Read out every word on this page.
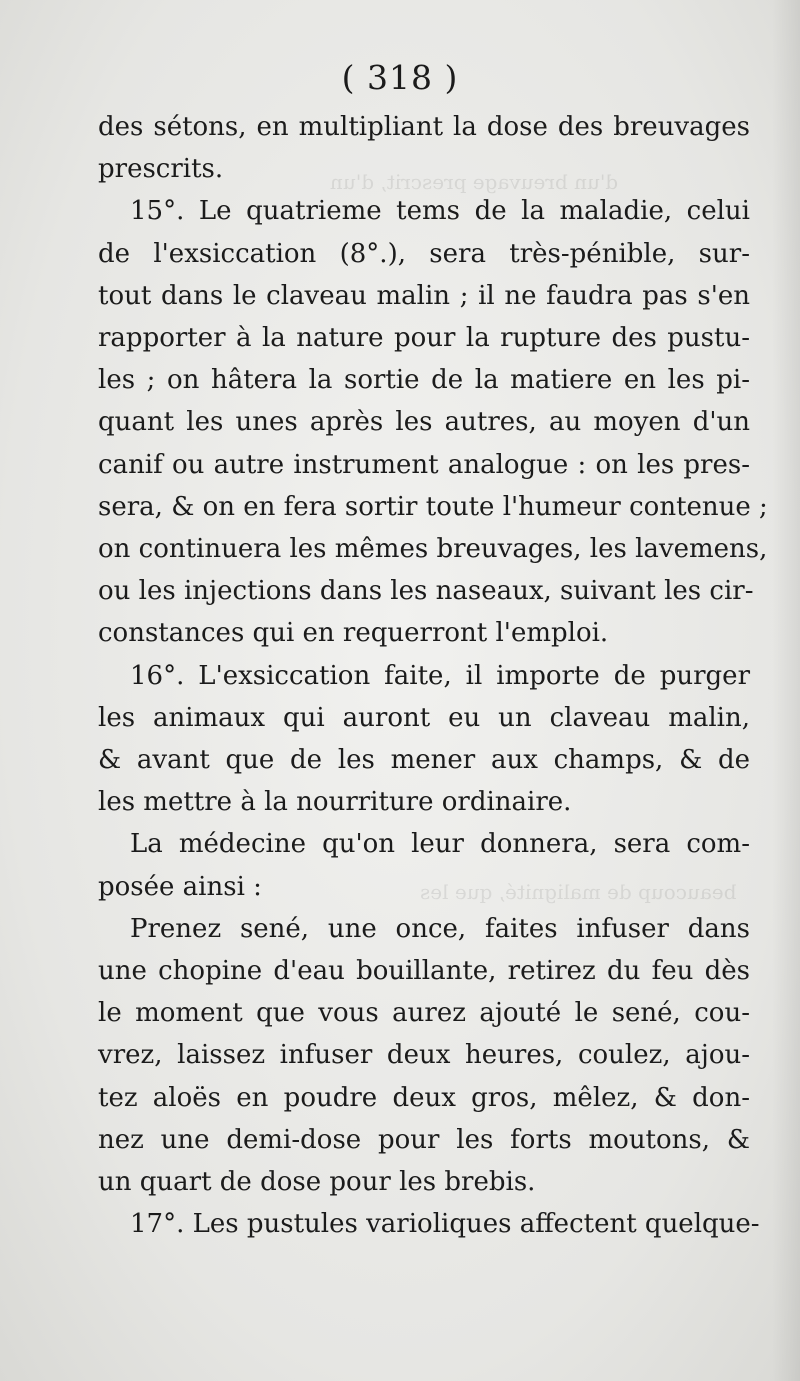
d'un breuvage prescrit, d'un
beaucoup de malignité, que les
( 318 )
des sétons, en multipliant la dose des breuvages
prescrits.
15°. Le quatrieme tems de la maladie, celui
de l'exsiccation (8°.), sera très-pénible, sur-
tout dans le claveau malin ; il ne faudra pas s'en
rapporter à la nature pour la rupture des pustu-
les ; on hâtera la sortie de la matiere en les pi-
quant les unes après les autres, au moyen d'un
canif ou autre instrument analogue : on les pres-
sera, & on en fera sortir toute l'humeur contenue ;
on continuera les mêmes breuvages, les lavemens,
ou les injections dans les naseaux, suivant les cir-
constances qui en requerront l'emploi.
16°. L'exsiccation faite, il importe de purger
les animaux qui auront eu un claveau malin,
& avant que de les mener aux champs, & de
les mettre à la nourriture ordinaire.
La médecine qu'on leur donnera, sera com-
posée ainsi :
Prenez sené, une once, faites infuser dans
une chopine d'eau bouillante, retirez du feu dès
le moment que vous aurez ajouté le sené, cou-
vrez, laissez infuser deux heures, coulez, ajou-
tez aloës en poudre deux gros, mêlez, & don-
nez une demi-dose pour les forts moutons, &
un quart de dose pour les brebis.
17°. Les pustules varioliques affectent quelque-
